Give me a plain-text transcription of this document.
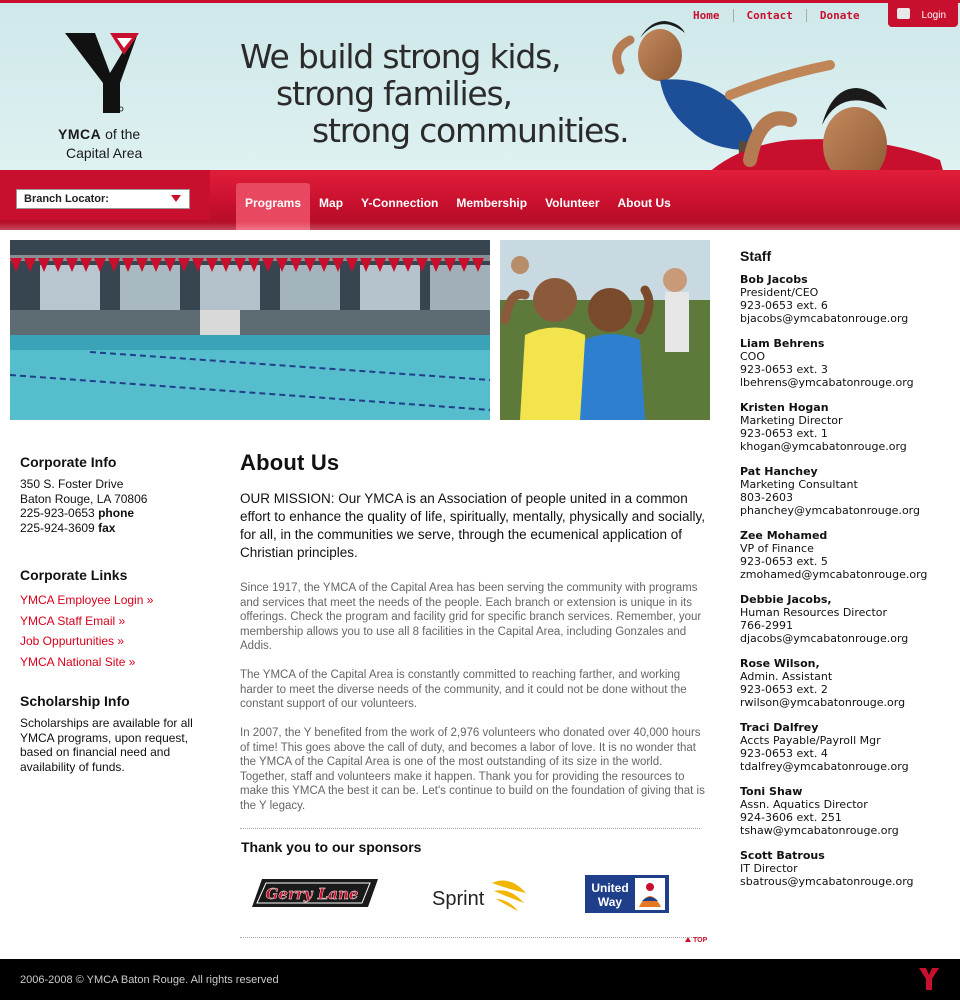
YMCA of the
Capital Area
We build strong kids,
strong families,
strong communities.
Home	Contact	Donate	Login
Branch Locator:	Programs	Map	Y-Connection	Membership	Volunteer	About Us
Corporate Info
350 S. Foster Drive
Baton Rouge, LA 70806
225-923-0653 phone
225-924-3609 fax
Corporate Links
YMCA Employee Login »
YMCA Staff Email »
Job Oppurtunities »
YMCA National Site »
Scholarship Info

Scholarships are available for all YMCA programs, upon request, based on financial need and availability of funds.

About Us

OUR MISSION: Our YMCA is an Association of people united in a common effort to enhance the quality of life, spiritually, mentally, physically and socially, for all, in the communities we serve, through the ecumenical application of Christian principles.

Since 1917, the YMCA of the Capital Area has been serving the community with programs and services that meet the needs of the people. Each branch or extension is unique in its offerings. Check the program and facility grid for specific branch services. Remember, your membership allows you to use all 8 facilities in the Capital Area, including Gonzales and Addis.

The YMCA of the Capital Area is constantly committed to reaching farther, and working harder to meet the diverse needs of the community, and it could not be done without the constant support of our volunteers.

In 2007, the Y benefited from the work of 2,976 volunteers who donated over 40,000 hours of time! This goes above the call of duty, and becomes a labor of love. It is no wonder that the YMCA of the Capital Area is one of the most outstanding of its size in the world. Together, staff and volunteers make it happen. Thank you for providing the resources to make this YMCA the best it can be. Let's continue to build on the foundation of giving that is the Y legacy.

Thank you to our sponsors
Gerry Lane	Sprint	United
Way
TOP
Staff
Bob Jacobs
President/CEO
923-0653 ext. 6
bjacobs@ymcabatonrouge.org
Liam Behrens
COO
923-0653 ext. 3
lbehrens@ymcabatonrouge.org
Kristen Hogan
Marketing Director
923-0653 ext. 1
khogan@ymcabatonrouge.org
Pat Hanchey
Marketing Consultant
803-2603
phanchey@ymcabatonrouge.org
Zee Mohamed
VP of Finance
923-0653 ext. 5
zmohamed@ymcabatonrouge.org
Debbie Jacobs,
Human Resources Director
766-2991
djacobs@ymcabatonrouge.org
Rose Wilson,
Admin. Assistant
923-0653 ext. 2
rwilson@ymcabatonrouge.org
Traci Dalfrey
Accts Payable/Payroll Mgr
923-0653 ext. 4
tdalfrey@ymcabatonrouge.org
Toni Shaw
Assn. Aquatics Director
924-3606 ext. 251
tshaw@ymcabatonrouge.org
Scott Batrous
IT Director
sbatrous@ymcabatonrouge.org
2006-2008 © YMCA Baton Rouge. All rights reserved
